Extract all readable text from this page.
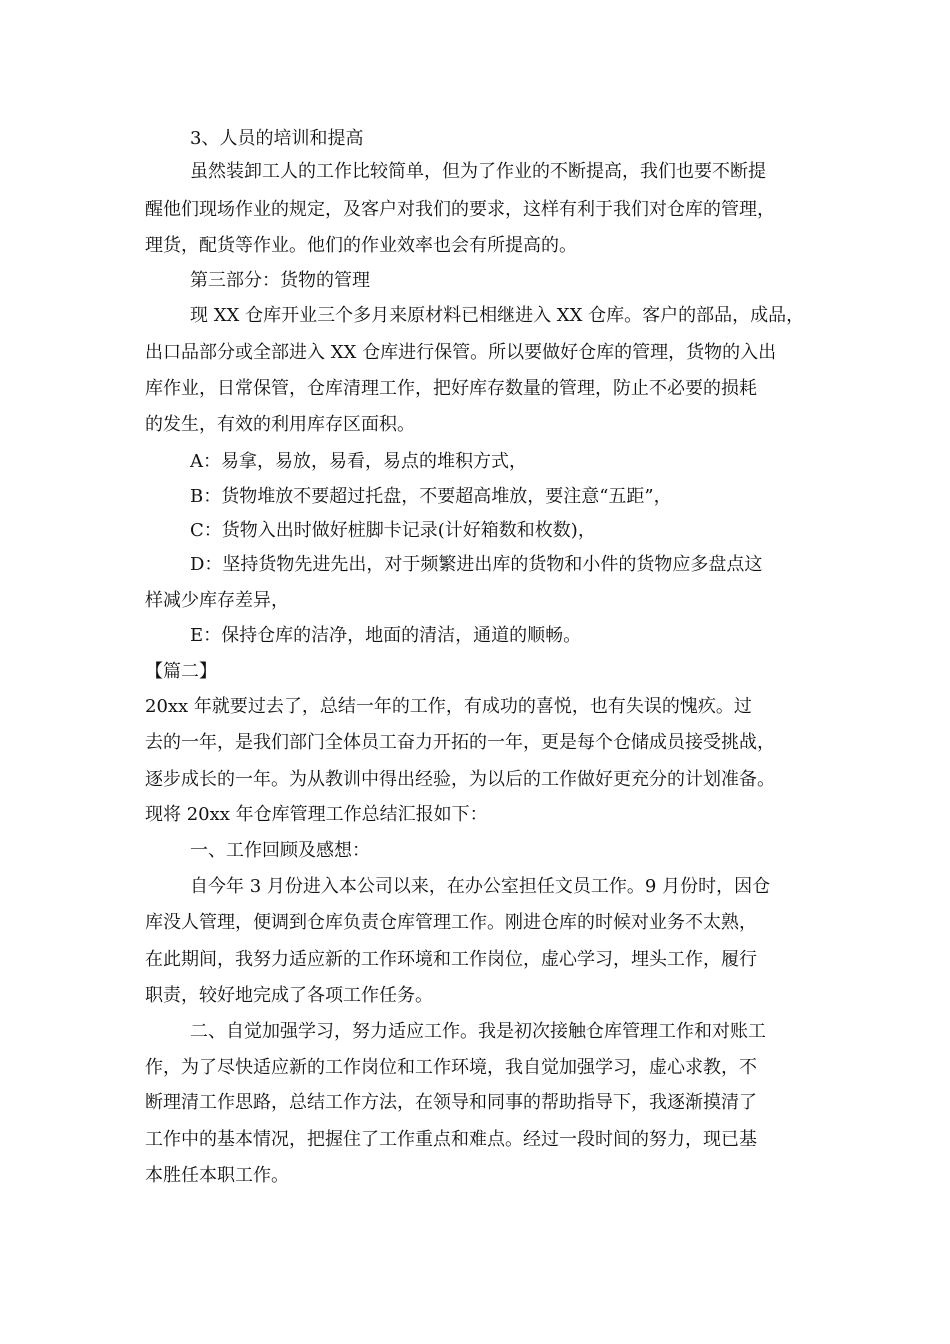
3、人员的培训和提高

虽然装卸工人的工作比较简单，但为了作业的不断提高，我们也要不断提

醒他们现场作业的规定，及客户对我们的要求，这样有利于我们对仓库的管理，

理货，配货等作业。他们的作业效率也会有所提高的。

第三部分：货物的管理

现 XX 仓库开业三个多月来原材料已相继进入 XX 仓库。客户的部品，成品，

出口品部分或全部进入 XX 仓库进行保管。所以要做好仓库的管理，货物的入出

库作业，日常保管，仓库清理工作，把好库存数量的管理，防止不必要的损耗

的发生，有效的利用库存区面积。

A：易拿，易放，易看，易点的堆积方式，

B：货物堆放不要超过托盘，不要超高堆放，要注意“五距”，

C：货物入出时做好桩脚卡记录(计好箱数和枚数)，

D：坚持货物先进先出，对于频繁进出库的货物和小件的货物应多盘点这

样减少库存差异，

E：保持仓库的洁净，地面的清洁，通道的顺畅。

【篇二】

20xx 年就要过去了，总结一年的工作，有成功的喜悦，也有失误的愧疚。过

去的一年，是我们部门全体员工奋力开拓的一年，更是每个仓储成员接受挑战，

逐步成长的一年。为从教训中得出经验，为以后的工作做好更充分的计划准备。

现将 20xx 年仓库管理工作总结汇报如下：

一、工作回顾及感想：

自今年 3 月份进入本公司以来，在办公室担任文员工作。9 月份时，因仓

库没人管理，便调到仓库负责仓库管理工作。刚进仓库的时候对业务不太熟，

在此期间，我努力适应新的工作环境和工作岗位，虚心学习，埋头工作，履行

职责，较好地完成了各项工作任务。

二、自觉加强学习，努力适应工作。我是初次接触仓库管理工作和对账工

作，为了尽快适应新的工作岗位和工作环境，我自觉加强学习，虚心求教，不

断理清工作思路，总结工作方法，在领导和同事的帮助指导下，我逐渐摸清了

工作中的基本情况，把握住了工作重点和难点。经过一段时间的努力，现已基

本胜任本职工作。
